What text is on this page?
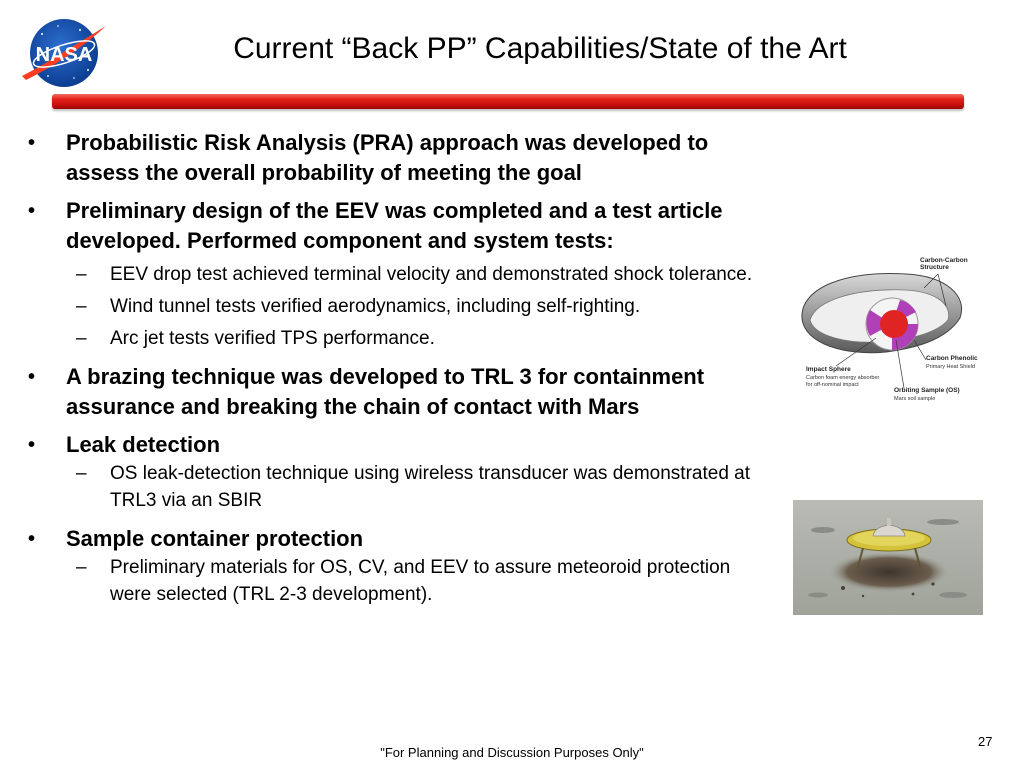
NASA	Current “Back PP” Capabilities/State of the Art
•	Probabilistic Risk Analysis (PRA) approach was developed to assess the overall probability of meeting the goal
•	Preliminary design of the EEV was completed and a test article developed. Performed component and system tests:
–	EEV drop test achieved terminal velocity and demonstrated shock tolerance.
–	Wind tunnel tests verified aerodynamics, including self-righting.
–	Arc jet tests verified TPS performance.
•	A brazing technique was developed to TRL 3 for containment assurance and breaking the chain of contact with Mars
•	Leak detection
–	OS leak-detection technique using wireless transducer was demonstrated at TRL3 via an SBIR
•	Sample container protection
–	Preliminary materials for OS, CV, and EEV to assure meteoroid protection were selected (TRL 2-3 development).
Carbon-Carbon
Structure
Carbon Phenolic
Primary Heat Shield
Impact Sphere
Carbon foam energy absorber
for off-nominal impact
Orbiting Sample (OS)
Mars soil sample
"For Planning and Discussion Purposes Only"
27
